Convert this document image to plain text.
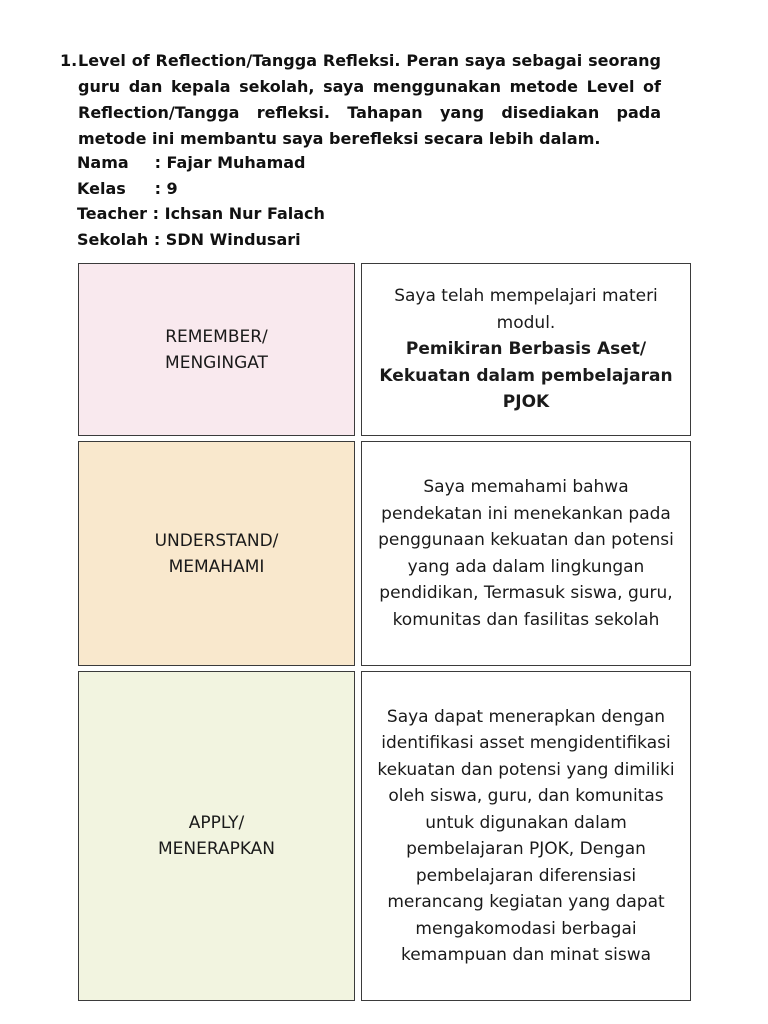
1. Level of Reflection/Tangga Refleksi. Peran saya sebagai seorang guru dan kepala sekolah, saya menggunakan metode Level of Reflection/Tangga refleksi. Tahapan yang disediakan pada metode ini membantu saya berefleksi secara lebih dalam.
Nama	: Fajar Muhamad
Kelas	: 9
Teacher : Ichsan Nur Falach
Sekolah : SDN Windusari
REMEMBER/
MENGINGAT
Saya telah mempelajari materi modul.
Pemikiran Berbasis Aset/ Kekuatan dalam pembelajaran PJOK
UNDERSTAND/
MEMAHAMI
Saya memahami bahwa pendekatan ini menekankan pada penggunaan kekuatan dan potensi yang ada dalam lingkungan pendidikan, Termasuk siswa, guru, komunitas dan fasilitas sekolah
APPLY/
MENERAPKAN
Saya dapat menerapkan dengan identifikasi asset mengidentifikasi kekuatan dan potensi yang dimiliki oleh siswa, guru, dan komunitas untuk digunakan dalam pembelajaran PJOK, Dengan pembelajaran diferensiasi merancang kegiatan yang dapat mengakomodasi berbagai kemampuan dan minat siswa
